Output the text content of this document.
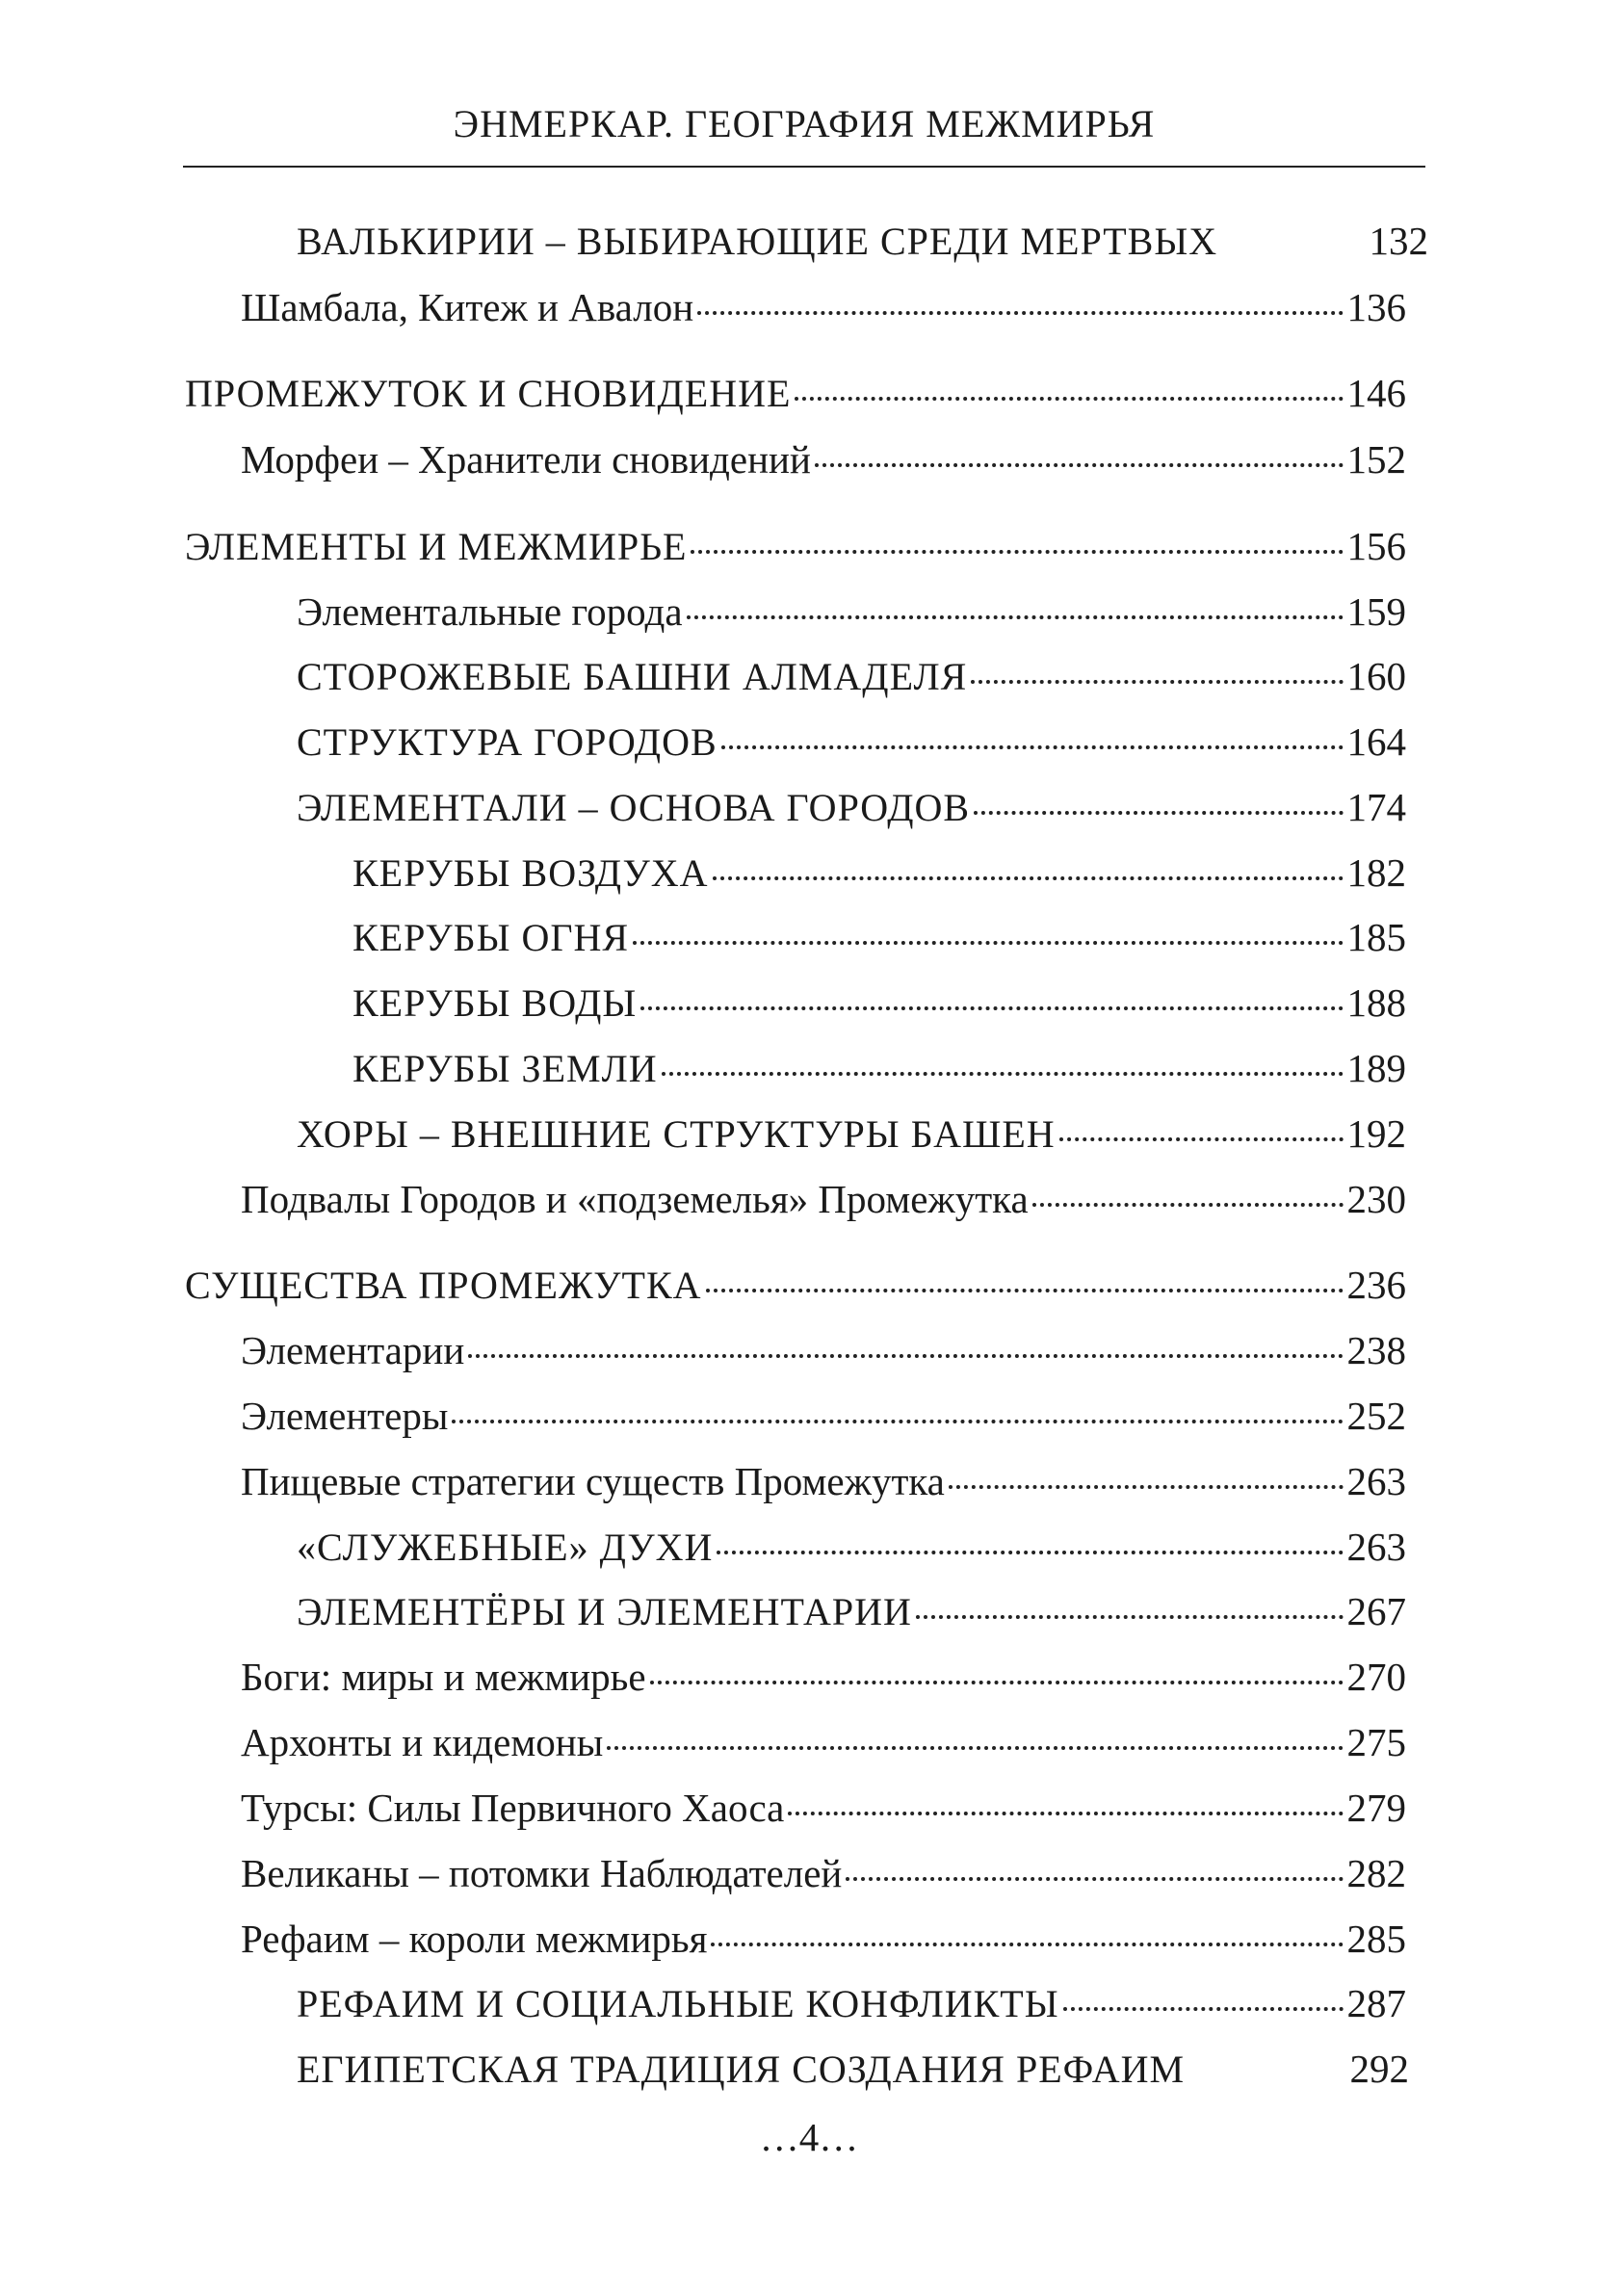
ЭНМЕРКАР. ГЕОГРАФИЯ МЕЖМИРЬЯ
ВАЛЬКИРИИ – ВЫБИРАЮЩИЕ СРЕДИ МЕРТВЫХ	132
Шамбала, Китеж и Авалон	136
ПРОМЕЖУТОК И СНОВИДЕНИЕ	146
Морфеи – Хранители сновидений	152
ЭЛЕМЕНТЫ И МЕЖМИРЬЕ	156
Элементальные города	159
СТОРОЖЕВЫЕ БАШНИ АЛМАДЕЛЯ	160
СТРУКТУРА ГОРОДОВ	164
ЭЛЕМЕНТАЛИ – ОСНОВА ГОРОДОВ	174
КЕРУБЫ ВОЗДУХА	182
КЕРУБЫ ОГНЯ	185
КЕРУБЫ ВОДЫ	188
КЕРУБЫ ЗЕМЛИ	189
ХОРЫ – ВНЕШНИЕ СТРУКТУРЫ БАШЕН	192
Подвалы Городов и «подземелья» Промежутка	230
СУЩЕСТВА ПРОМЕЖУТКА	236
Элементарии	238
Элементеры	252
Пищевые стратегии существ Промежутка	263
«СЛУЖЕБНЫЕ» ДУХИ	263
ЭЛЕМЕНТЁРЫ И ЭЛЕМЕНТАРИИ	267
Боги: миры и межмирье	270
Архонты и кидемоны	275
Турсы: Силы Первичного Хаоса	279
Великаны – потомки Наблюдателей	282
Рефаим – короли межмирья	285
РЕФАИМ И СОЦИАЛЬНЫЕ КОНФЛИКТЫ	287
ЕГИПЕТСКАЯ ТРАДИЦИЯ СОЗДАНИЯ РЕФАИМ	292
…4…
